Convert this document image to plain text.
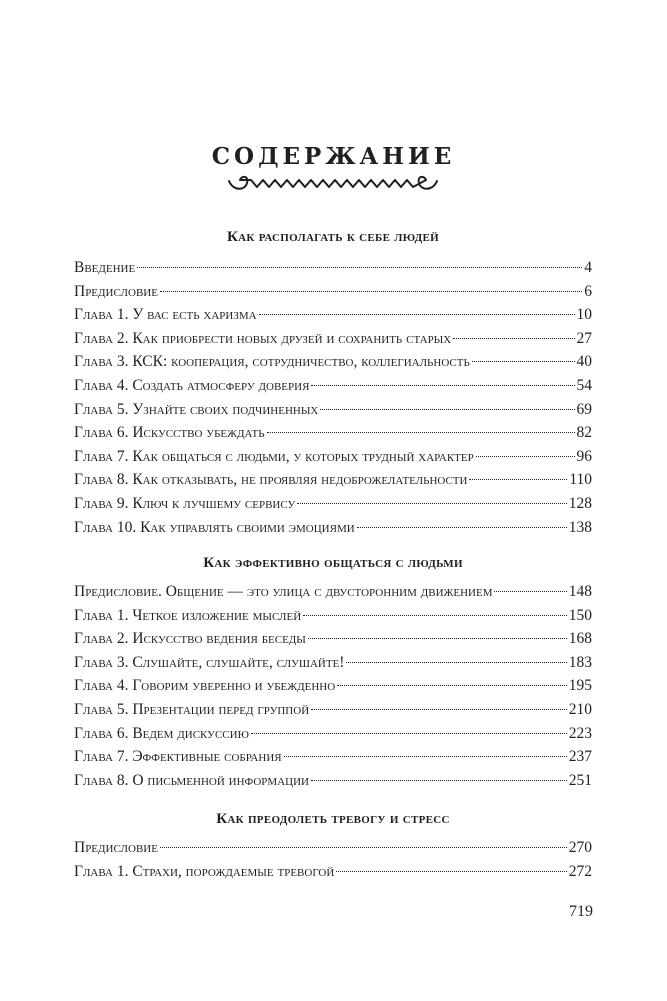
СОДЕРЖАНИЕ
Как располагать к себе людей
Введение	4
Предисловие	6
Глава 1. У вас есть харизма	10
Глава 2. Как приобрести новых друзей и сохранить старых	27
Глава 3. КСК: кооперация, сотрудничество, коллегиальность	40
Глава 4. Создать атмосферу доверия	54
Глава 5. Узнайте своих подчиненных	69
Глава 6. Искусство убеждать	82
Глава 7. Как общаться с людьми, у которых трудный характер	96
Глава 8. Как отказывать, не проявляя недоброжелательности	110
Глава 9. Ключ к лучшему сервису	128
Глава 10. Как управлять своими эмоциями	138
Как эффективно общаться с людьми
Предисловие. Общение — это улица с двусторонним движением	148
Глава 1. Четкое изложение мыслей	150
Глава 2. Искусство ведения беседы	168
Глава 3. Слушайте, слушайте, слушайте!	183
Глава 4. Говорим уверенно и убежденно	195
Глава 5. Презентации перед группой	210
Глава 6. Ведем дискуссию	223
Глава 7. Эффективные собрания	237
Глава 8. О письменной информации	251
Как преодолеть тревогу и стресс
Предисловие	270
Глава 1. Страхи, порождаемые тревогой	272
719
